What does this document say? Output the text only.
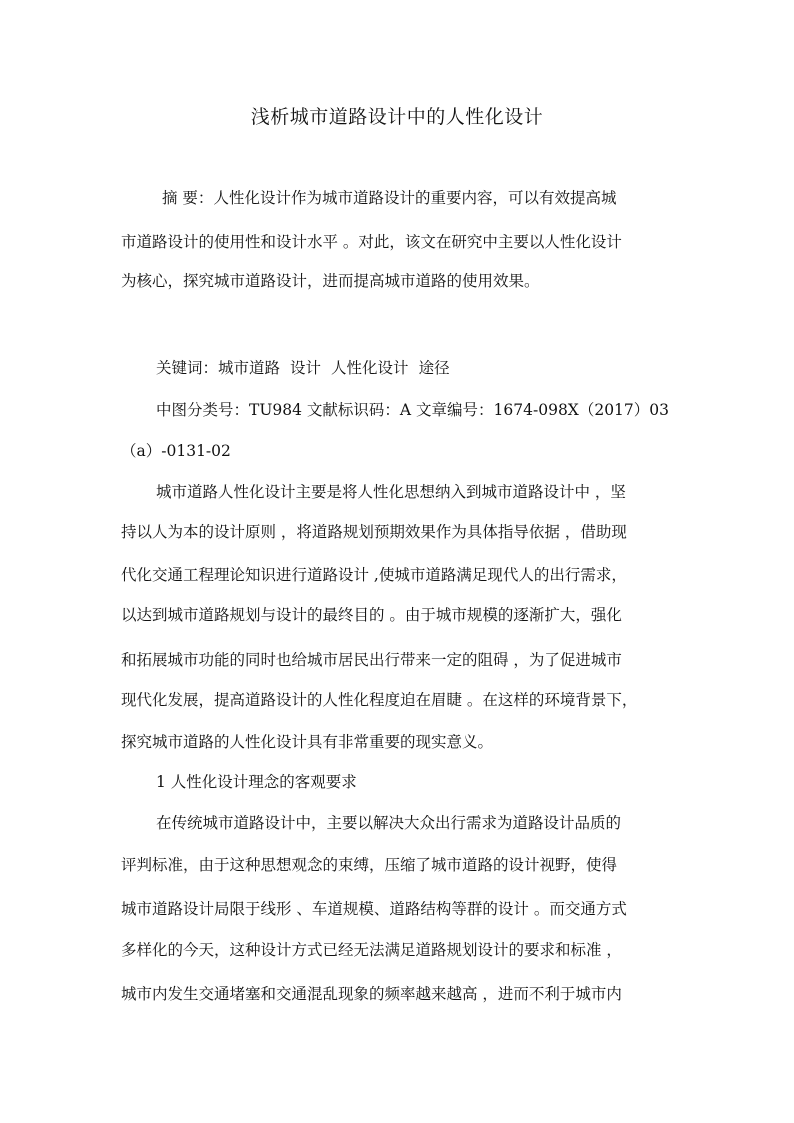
浅析城市道路设计中的人性化设计

摘 要：人性化设计作为城市道路设计的重要内容，可以有效提高城

市道路设计的使用性和设计水平 。对此，该文在研究中主要以人性化设计

为核心，探究城市道路设计，进而提高城市道路的使用效果。

关键词：城市道路 设计 人性化设计 途径

中图分类号：TU984 文献标识码：A 文章编号：1674-098X（2017）03

（a）-0131-02

城市道路人性化设计主要是将人性化思想纳入到城市道路设计中 ，坚

持以人为本的设计原则 ，将道路规划预期效果作为具体指导依据 ，借助现

代化交通工程理论知识进行道路设计 ,使城市道路满足现代人的出行需求，

以达到城市道路规划与设计的最终目的 。由于城市规模的逐渐扩大，强化

和拓展城市功能的同时也给城市居民出行带来一定的阻碍 ，为了促进城市

现代化发展，提高道路设计的人性化程度迫在眉睫 。在这样的环境背景下，

探究城市道路的人性化设计具有非常重要的现实意义。

1 人性化设计理念的客观要求

在传统城市道路设计中，主要以解决大众出行需求为道路设计品质的

评判标准，由于这种思想观念的束缚，压缩了城市道路的设计视野，使得

城市道路设计局限于线形 、车道规模、道路结构等群的设计 。而交通方式

多样化的今天，这种设计方式已经无法满足道路规划设计的要求和标准 ，

城市内发生交通堵塞和交通混乱现象的频率越来越高 ，进而不利于城市内
